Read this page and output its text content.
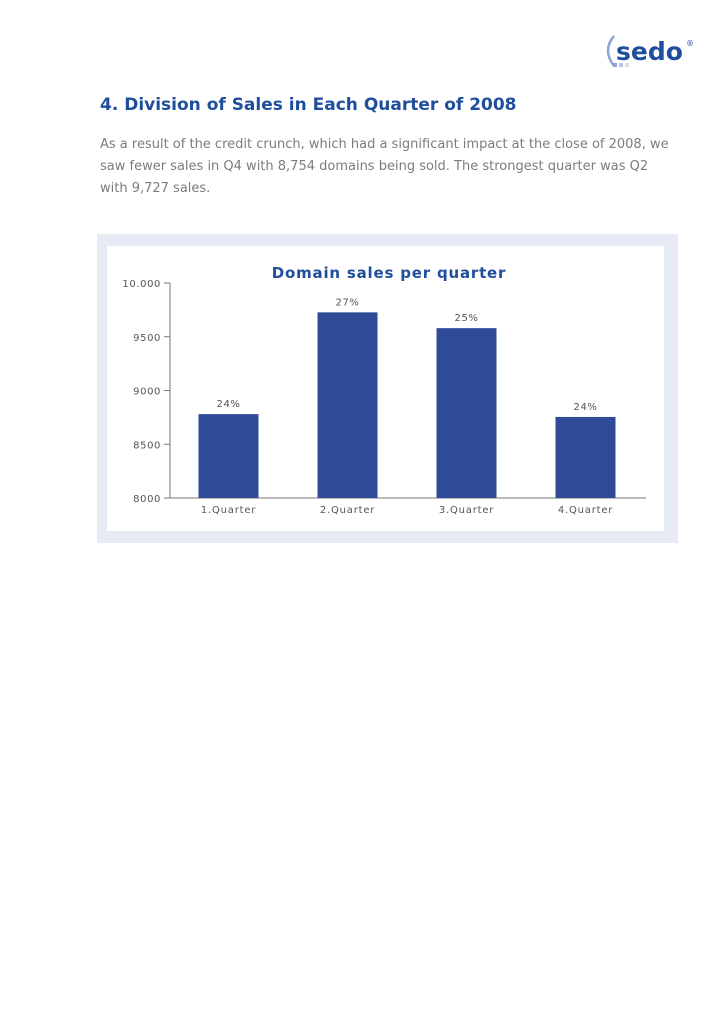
sedo ®
4. Division of Sales in Each Quarter of 2008

As a result of the credit crunch, which had a significant impact at the close of 2008, we saw fewer sales in Q4 with 8,754 domains being sold. The strongest quarter was Q2 with 9,727 sales.

Domain sales per quarter
8000
8500
9000
9500
10.000
24%
1.Quarter
27%
2.Quarter
25%
3.Quarter
24%
4.Quarter
